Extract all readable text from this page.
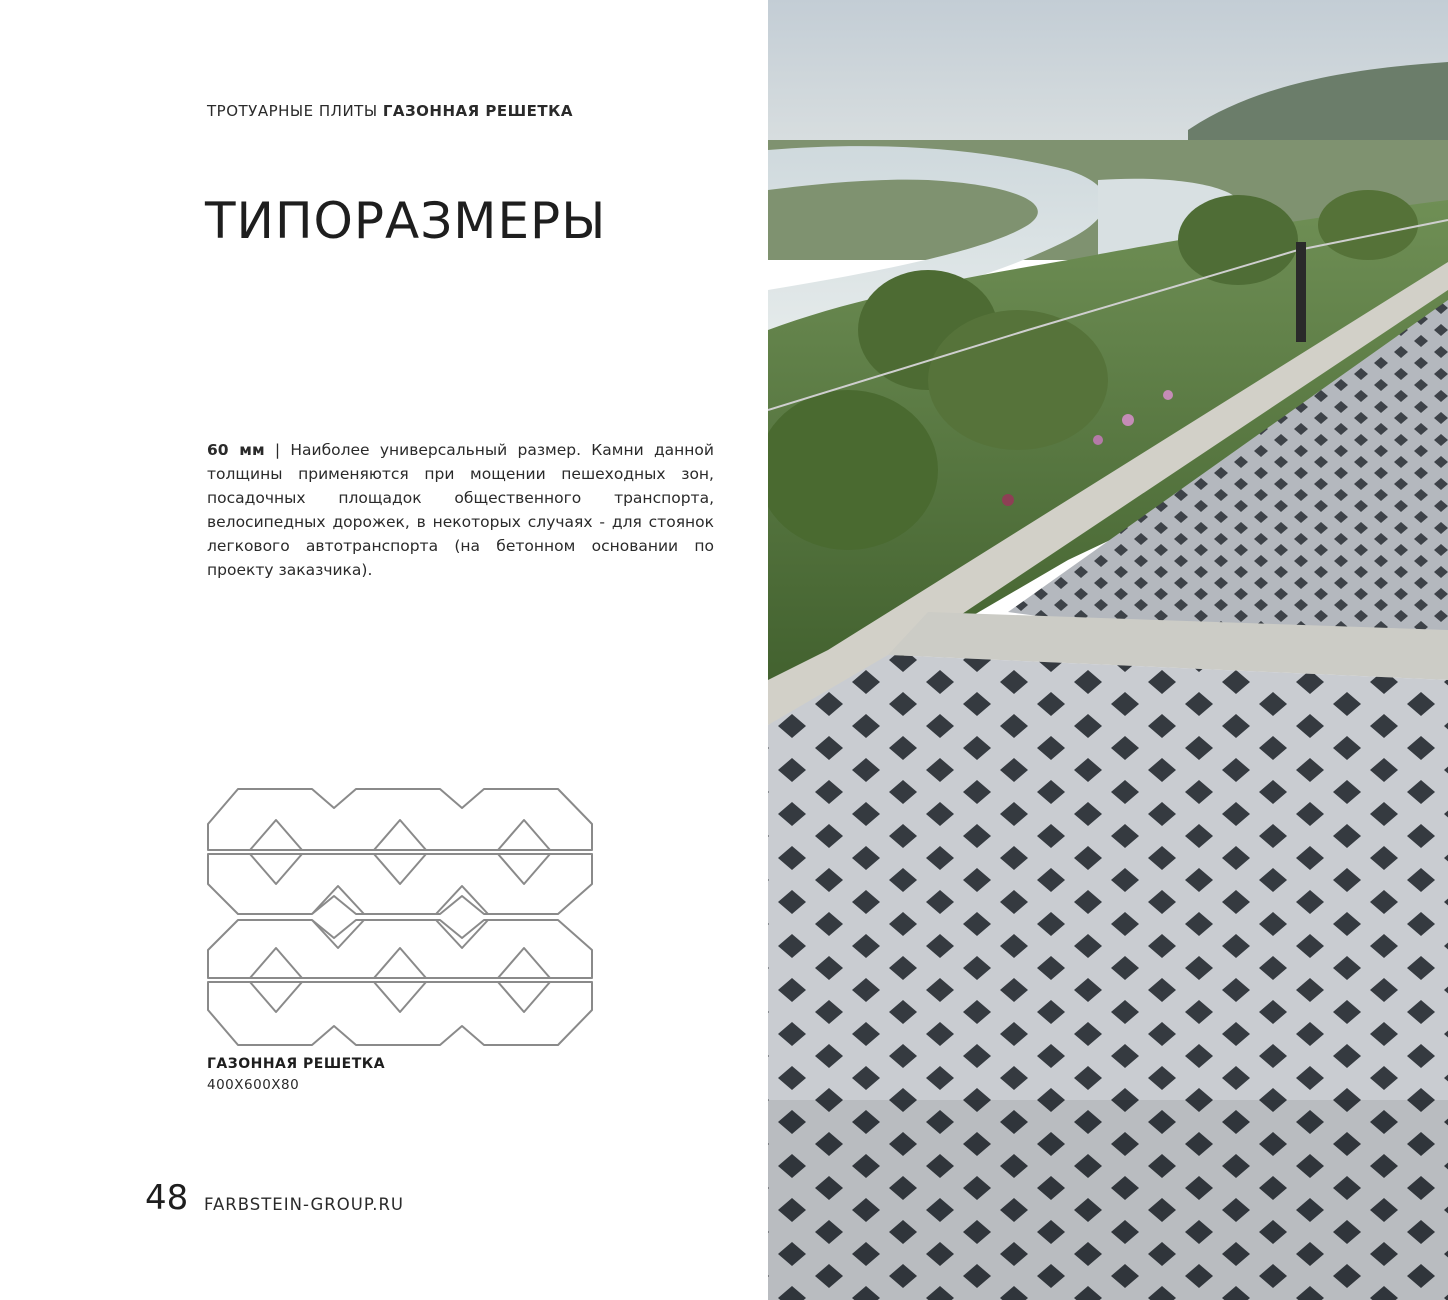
ТРОТУАРНЫЕ ПЛИТЫ ГАЗОННАЯ РЕШЕТКА
ТИПОРАЗМЕРЫ

60 мм | Наиболее универсальный размер. Камни данной толщины применяются при мощении пешеходных зон, посадочных площадок общественного транспорта, велосипедных дорожек, в некоторых случаях - для стоянок легкового автотранспорта (на бетонном основании по проекту заказчика).

ГАЗОННАЯ РЕШЕТКА
400X600X80
48 FARBSTEIN-GROUP.RU
